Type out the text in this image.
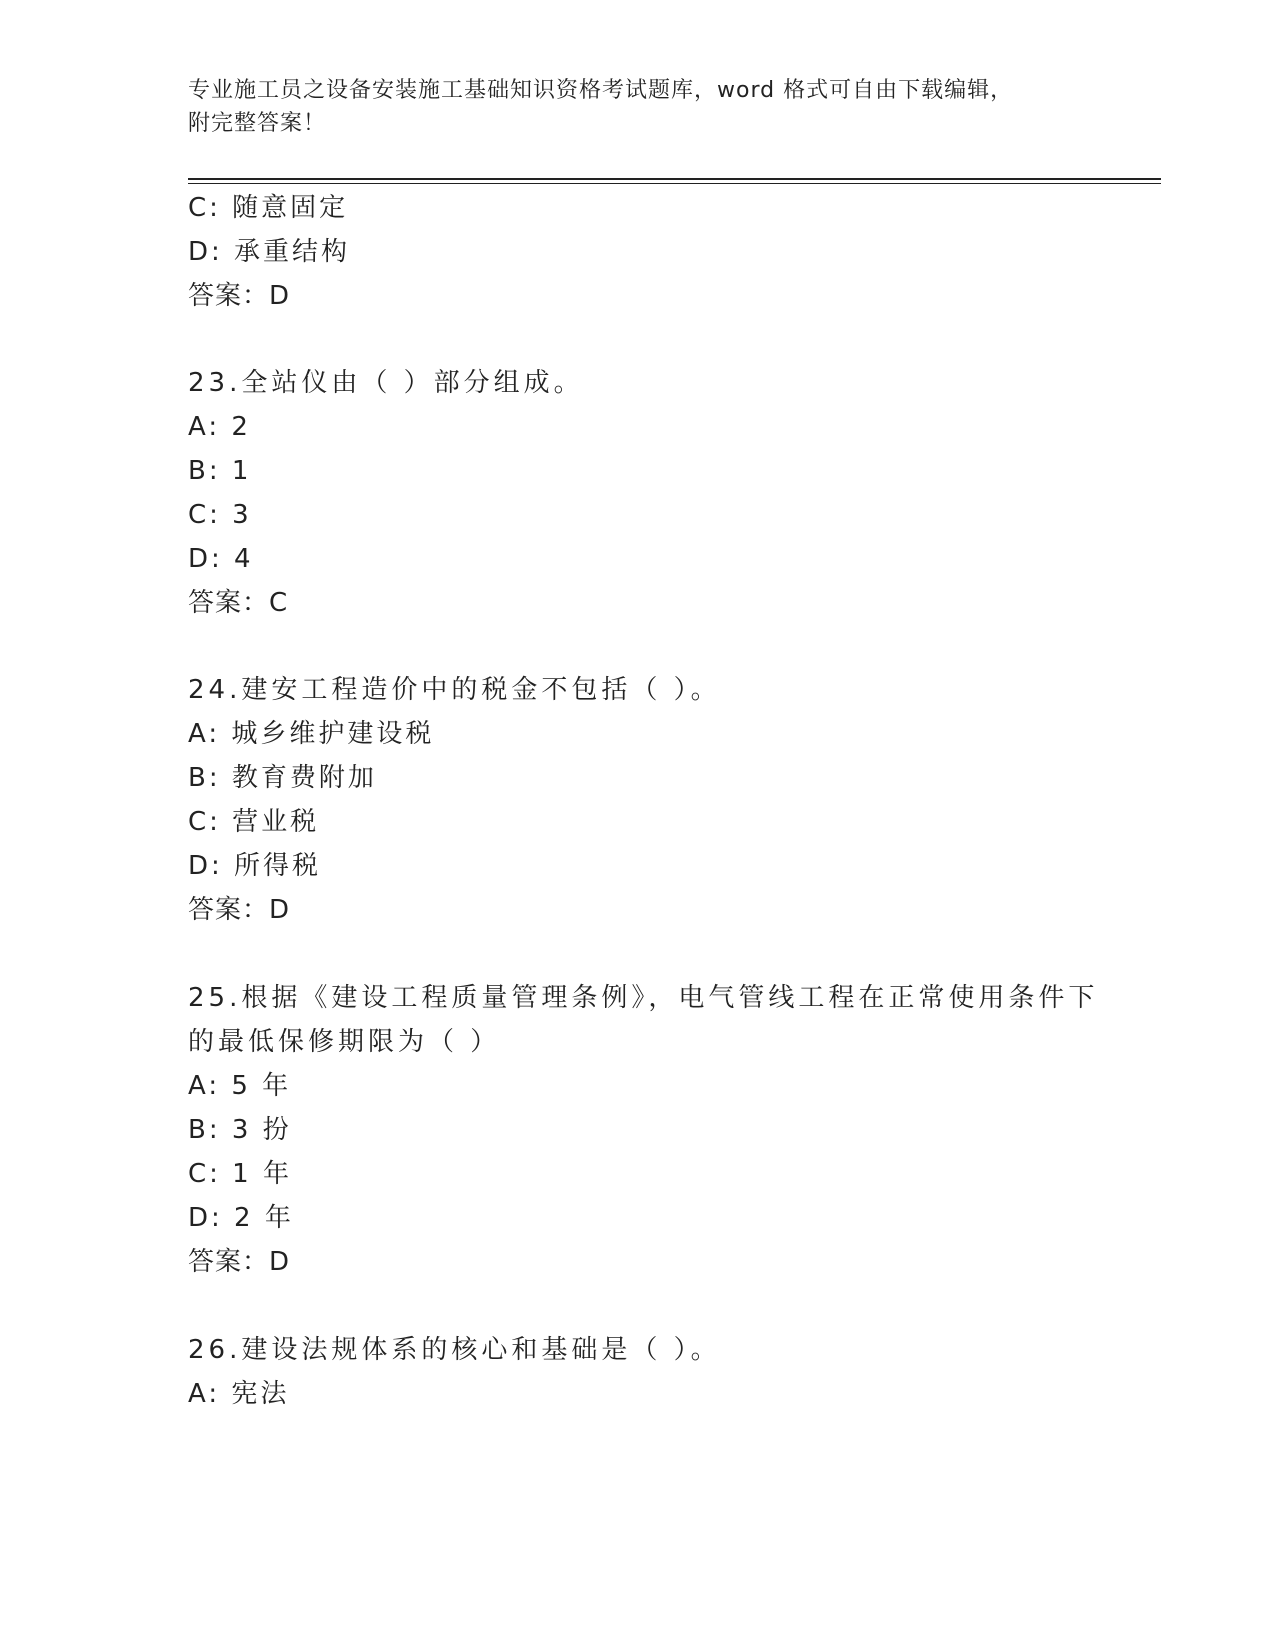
专业施工员之设备安装施工基础知识资格考试题库，word 格式可自由下载编辑，
附完整答案！
C: 随意固定
D: 承重结构
答案：D
23.全站仪由（ ）部分组成。
A: 2
B: 1
C: 3
D: 4
答案：C
24.建安工程造价中的税金不包括（ ）。
A: 城乡维护建设税
B: 教育费附加
C: 营业税
D: 所得税
答案：D
25.根据《建设工程质量管理条例》，电气管线工程在正常使用条件下
的最低保修期限为（ ）
A: 5 年
B: 3 扮
C: 1 年
D: 2 年
答案：D
26.建设法规体系的核心和基础是（ ）。
A: 宪法
